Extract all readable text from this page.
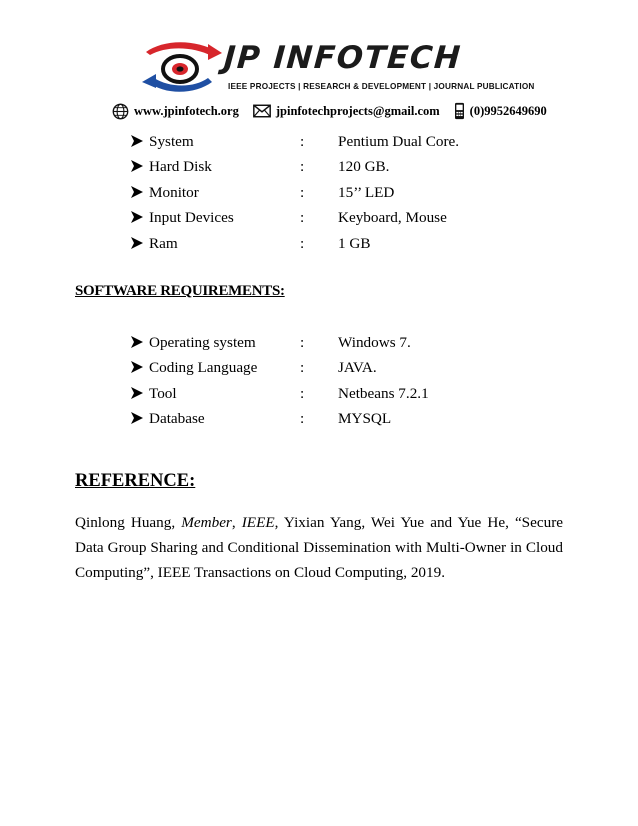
JP INFOTECH
IEEE PROJECTS | RESEARCH & DEVELOPMENT | JOURNAL PUBLICATION
www.jpinfotech.org	jpinfotechprojects@gmail.com (0)9952649690
System	: Pentium Dual Core.
Hard Disk	: 120 GB.
Monitor	: 15’’ LED
Input Devices	: Keyboard, Mouse
Ram	: 1 GB
SOFTWARE REQUIREMENTS:
Operating system	: Windows 7.
Coding Language	: JAVA.
Tool	: Netbeans 7.2.1
Database	: MYSQL
REFERENCE:

Qinlong Huang, Member, IEEE, Yixian Yang, Wei Yue and Yue He, “Secure Data Group Sharing and Conditional Dissemination with Multi-Owner in Cloud Computing”, IEEE Transactions on Cloud Computing, 2019.
